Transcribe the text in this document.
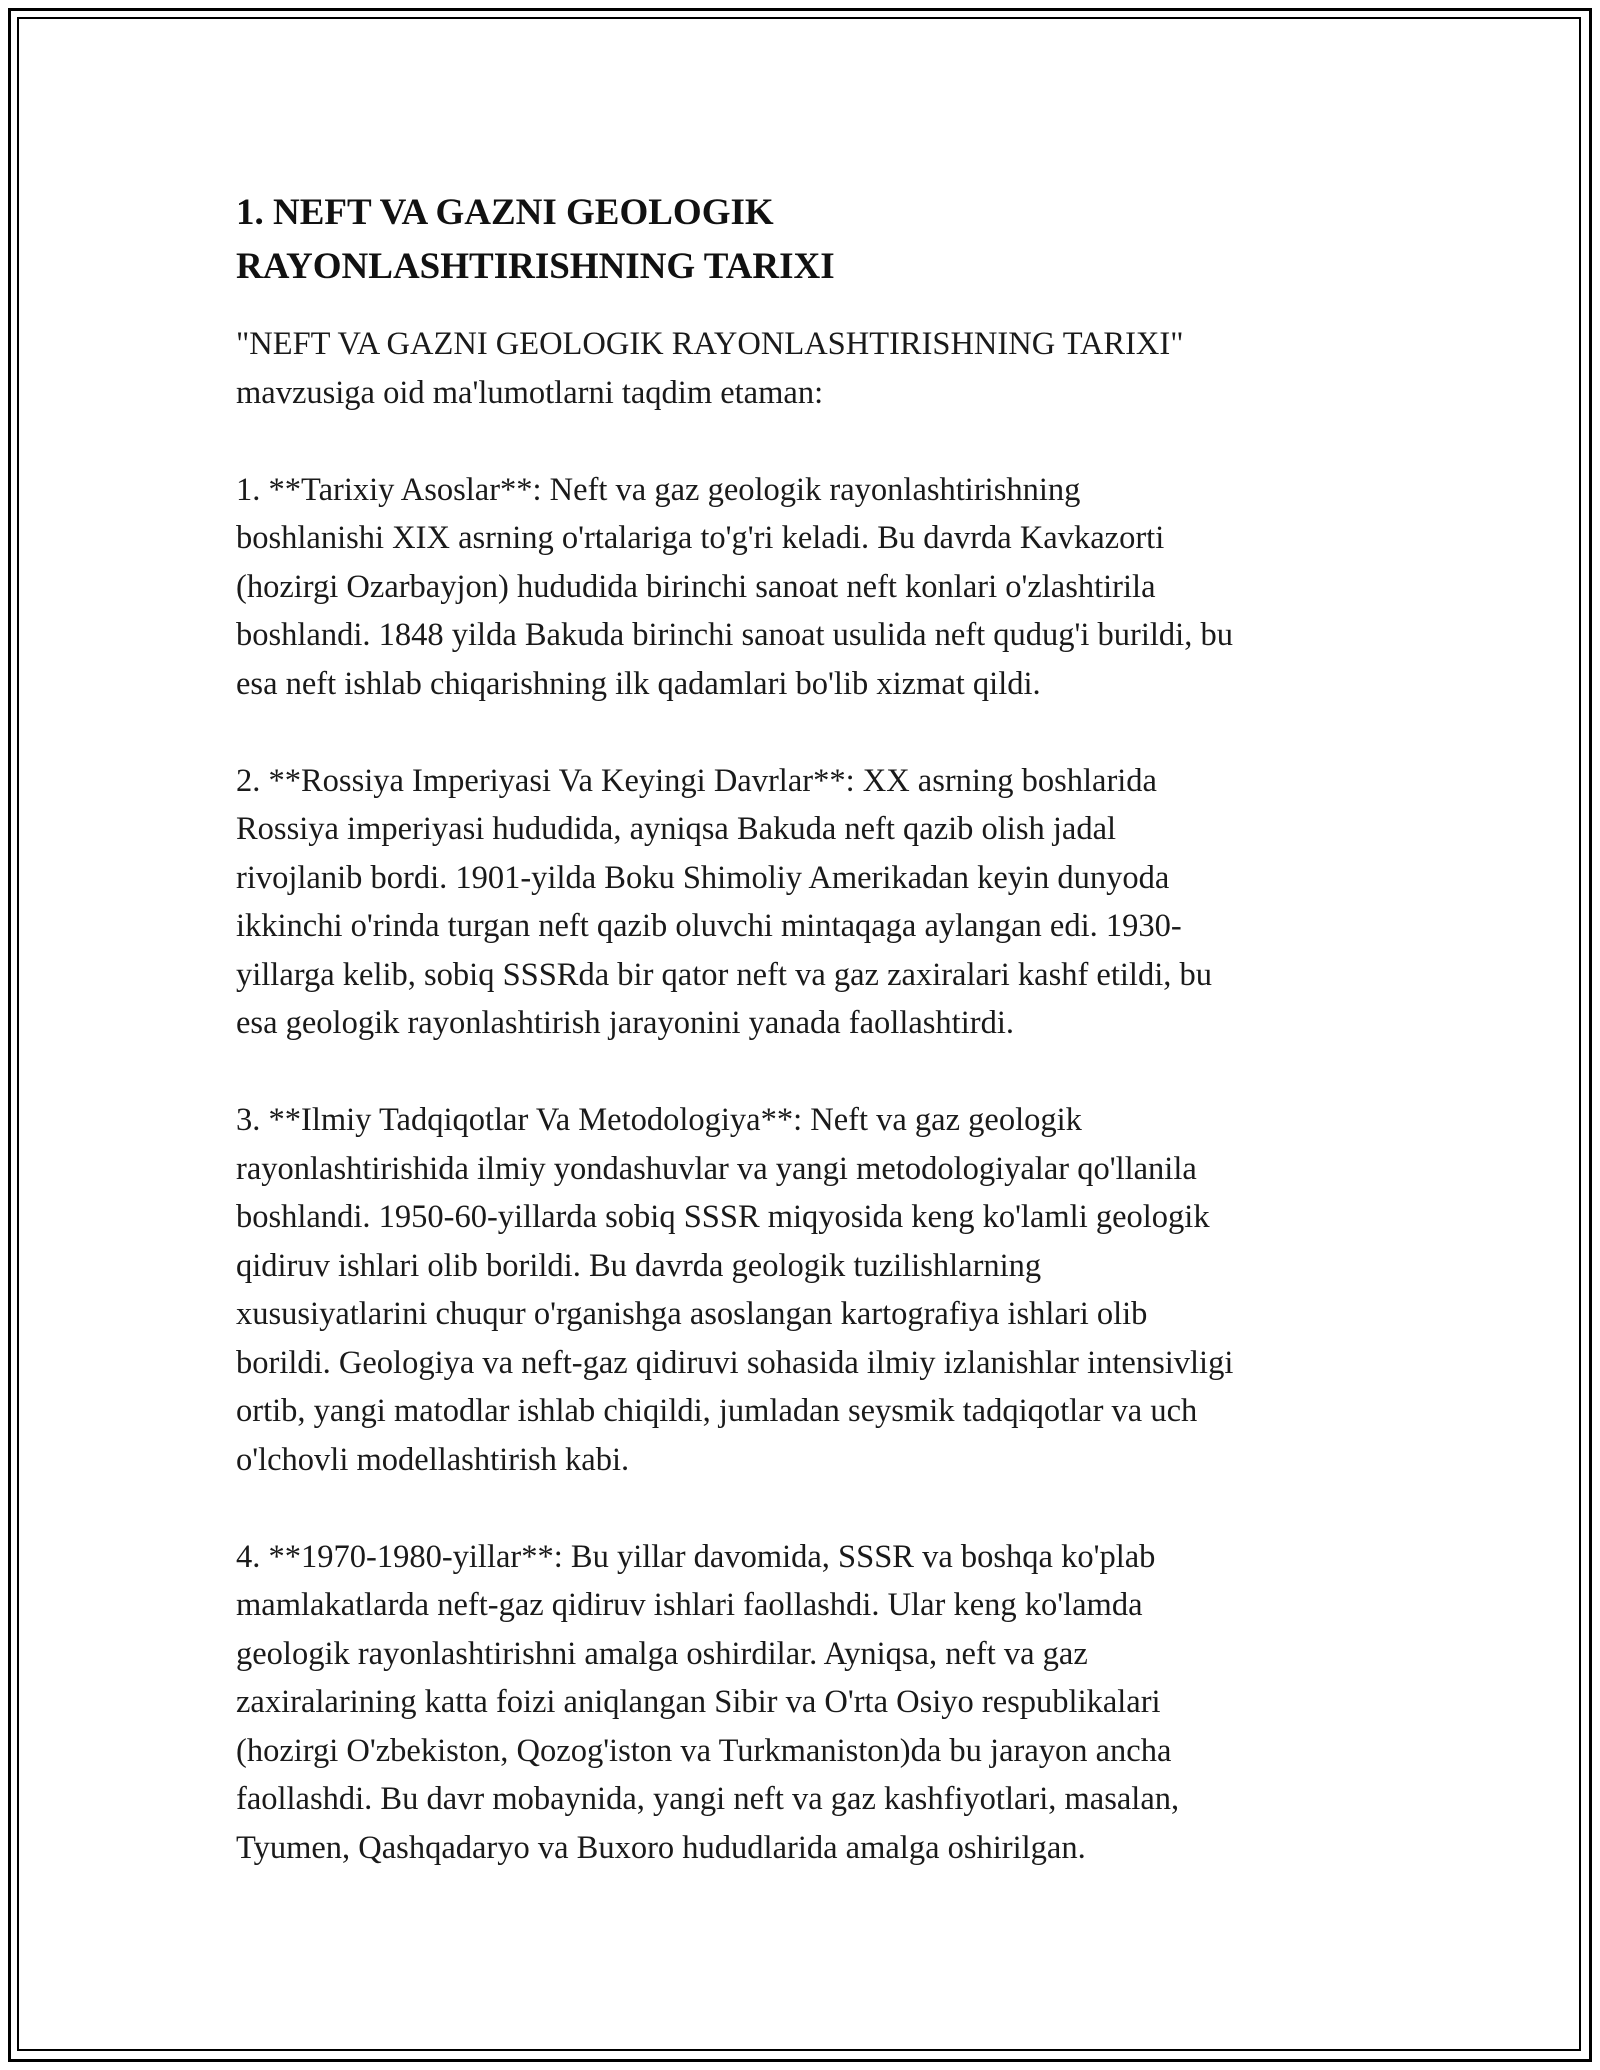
1. NEFT VA GAZNI GEOLOGIK
RAYONLASHTIRISHNING TARIXI

"NEFT VA GAZNI GEOLOGIK RAYONLASHTIRISHNING TARIXI"
mavzusiga oid ma'lumotlarni taqdim etaman:

1. **Tarixiy Asoslar**: Neft va gaz geologik rayonlashtirishning
boshlanishi XIX asrning o'rtalariga to'g'ri keladi. Bu davrda Kavkazorti
(hozirgi Ozarbayjon) hududida birinchi sanoat neft konlari o'zlashtirila
boshlandi. 1848 yilda Bakuda birinchi sanoat usulida neft qudug'i burildi, bu
esa neft ishlab chiqarishning ilk qadamlari bo'lib xizmat qildi.

2. **Rossiya Imperiyasi Va Keyingi Davrlar**: XX asrning boshlarida
Rossiya imperiyasi hududida, ayniqsa Bakuda neft qazib olish jadal
rivojlanib bordi. 1901-yilda Boku Shimoliy Amerikadan keyin dunyoda
ikkinchi o'rinda turgan neft qazib oluvchi mintaqaga aylangan edi. 1930-
yillarga kelib, sobiq SSSRda bir qator neft va gaz zaxiralari kashf etildi, bu
esa geologik rayonlashtirish jarayonini yanada faollashtirdi.

3. **Ilmiy Tadqiqotlar Va Metodologiya**: Neft va gaz geologik
rayonlashtirishida ilmiy yondashuvlar va yangi metodologiyalar qo'llanila
boshlandi. 1950-60-yillarda sobiq SSSR miqyosida keng ko'lamli geologik
qidiruv ishlari olib borildi. Bu davrda geologik tuzilishlarning
xususiyatlarini chuqur o'rganishga asoslangan kartografiya ishlari olib
borildi. Geologiya va neft-gaz qidiruvi sohasida ilmiy izlanishlar intensivligi
ortib, yangi matodlar ishlab chiqildi, jumladan seysmik tadqiqotlar va uch
o'lchovli modellashtirish kabi.

4. **1970-1980-yillar**: Bu yillar davomida, SSSR va boshqa ko'plab
mamlakatlarda neft-gaz qidiruv ishlari faollashdi. Ular keng ko'lamda
geologik rayonlashtirishni amalga oshirdilar. Ayniqsa, neft va gaz
zaxiralarining katta foizi aniqlangan Sibir va O'rta Osiyo respublikalari
(hozirgi O'zbekiston, Qozog'iston va Turkmaniston)da bu jarayon ancha
faollashdi. Bu davr mobaynida, yangi neft va gaz kashfiyotlari, masalan,
Tyumen, Qashqadaryo va Buxoro hududlarida amalga oshirilgan.
